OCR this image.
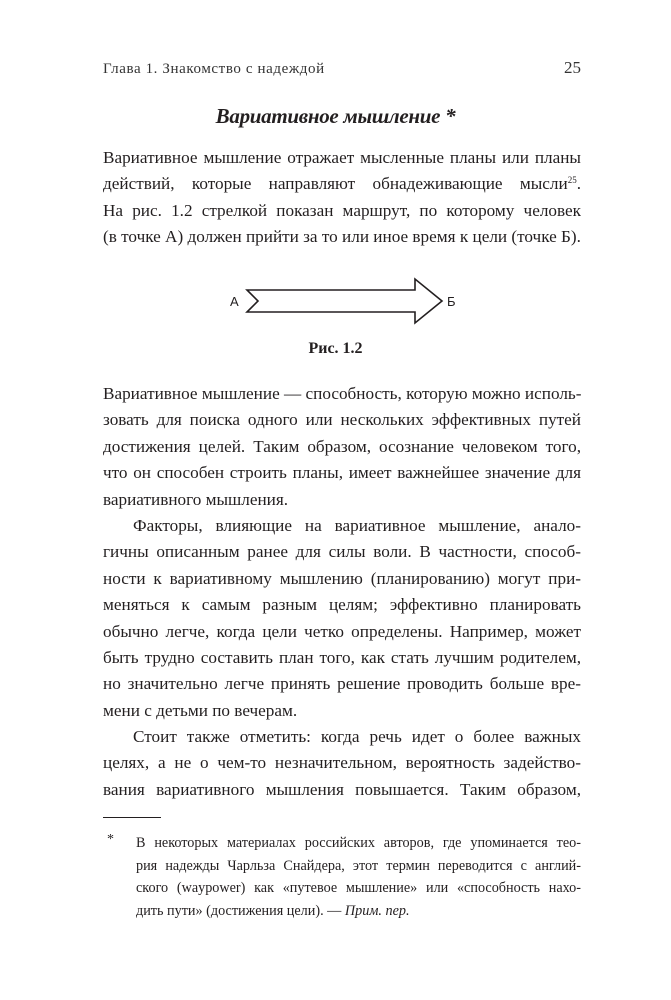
Глава 1. Знакомство с надеждой	25
Вариативное мышление *

Вариативное мышление отражает мысленные планы или планы
действий, которые направляют обнадеживающие мысли$^{25}$.
На рис. 1.2 стрелкой показан маршрут, по которому человек
(в точке А) должен прийти за то или иное время к цели (точке Б).

А	Б
Рис. 1.2

Вариативное мышление — способность, которую можно исполь-
зовать для поиска одного или нескольких эффективных путей
достижения целей. Таким образом, осознание человеком того,
что он способен строить планы, имеет важнейшее значение для
вариативного мышления.

Факторы, влияющие на вариативное мышление, анало-
гичны описанным ранее для силы воли. В частности, способ-
ности к вариативному мышлению (планированию) могут при-
меняться к самым разным целям; эффективно планировать
обычно легче, когда цели четко определены. Например, может
быть трудно составить план того, как стать лучшим родителем,
но значительно легче принять решение проводить больше вре-
мени с детьми по вечерам.

Стоит также отметить: когда речь идет о более важных
целях, а не о чем-то незначительном, вероятность задейство-
вания вариативного мышления повышается. Таким образом,

* В некоторых материалах российских авторов, где упоминается тео-
рия надежды Чарльза Снайдера, этот термин переводится с англий-
ского (waypower) как «путевое мышление» или «способность нахо-
дить пути» (достижения цели). — Прим. пер.
